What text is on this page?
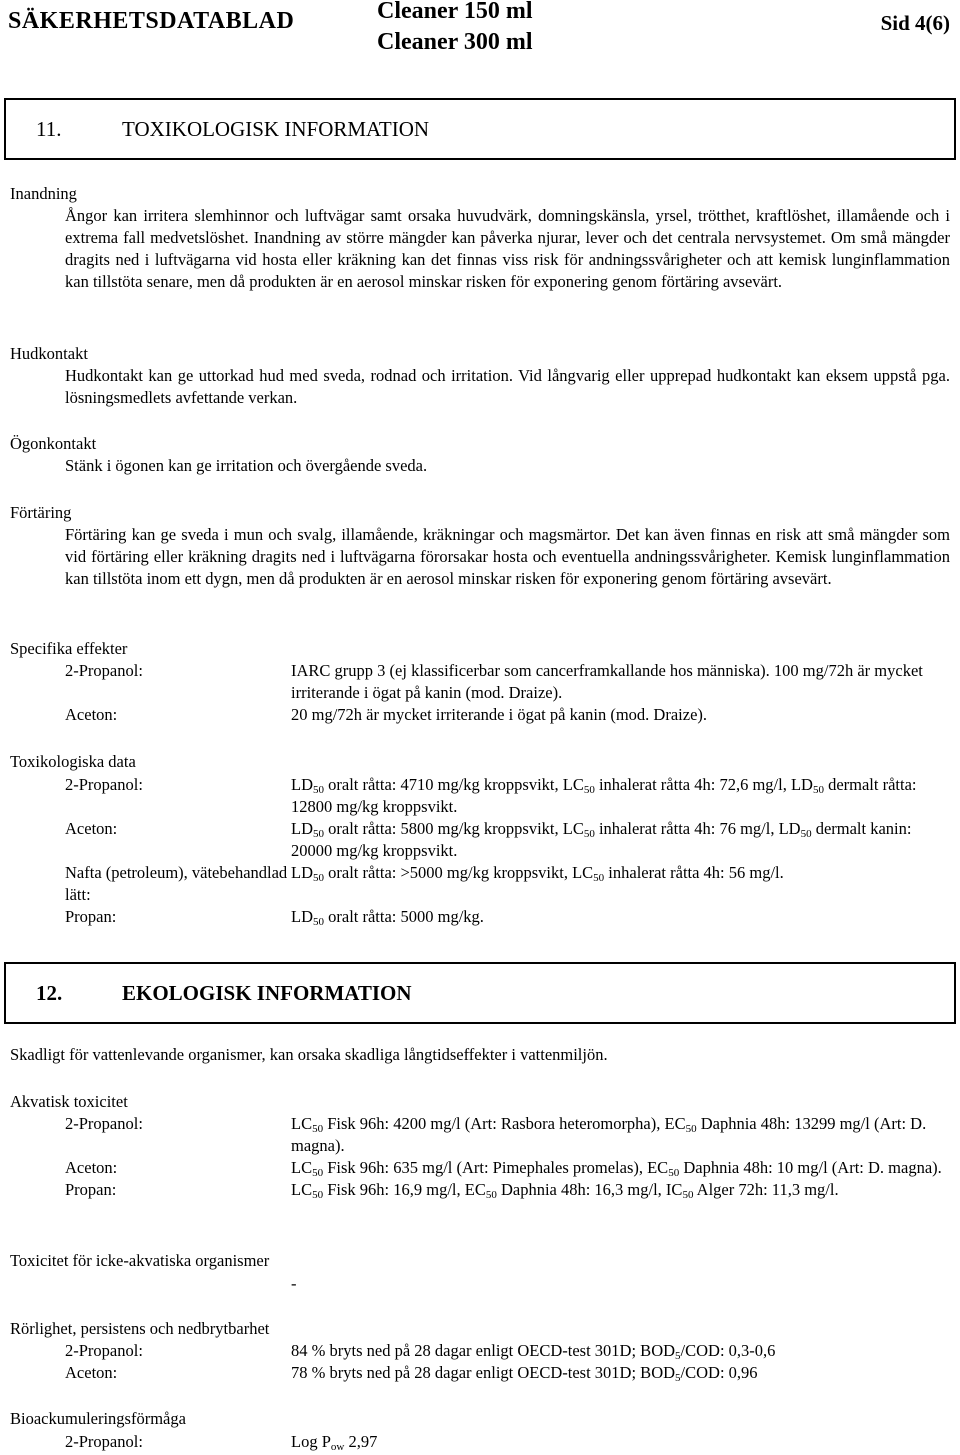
SÄKERHETSDATABLAD	Cleaner 150 ml
Cleaner 300 ml
Sid 4(6)
11.	TOXIKOLOGISK INFORMATION

Inandning

Ångor kan irritera slemhinnor och luftvägar samt orsaka huvudvärk, domningskänsla, yrsel, trötthet, kraftlöshet, illamående och i extrema fall medvetslöshet. Inandning av större mängder kan påverka njurar, lever och det centrala nervsystemet. Om små mängder dragits ned i luftvägarna vid hosta eller kräkning kan det finnas viss risk för andningssvårigheter och att kemisk lunginflammation kan tillstöta senare, men då produkten är en aerosol minskar risken för exponering genom förtäring avsevärt.

Hudkontakt

Hudkontakt kan ge uttorkad hud med sveda, rodnad och irritation. Vid långvarig eller upprepad hudkontakt kan eksem uppstå pga. lösningsmedlets avfettande verkan.

Ögonkontakt

Stänk i ögonen kan ge irritation och övergående sveda.

Förtäring

Förtäring kan ge sveda i mun och svalg, illamående, kräkningar och magsmärtor. Det kan även finnas en risk att små mängder som vid förtäring eller kräkning dragits ned i luftvägarna förorsakar hosta och eventuella andningssvårigheter. Kemisk lunginflammation kan tillstöta inom ett dygn, men då produkten är en aerosol minskar risken för exponering genom förtäring avsevärt.

Specifika effekter
2-Propanol:	IARC grupp 3 (ej klassificerbar som cancerframkallande hos människa). 100 mg/72h är mycket irriterande i ögat på kanin (mod. Draize).
Aceton:	20 mg/72h är mycket irriterande i ögat på kanin (mod. Draize).
Toxikologiska data
2-Propanol:	$LD_{50}$ oralt råtta: 4710 mg/kg kroppsvikt, $LC_{50}$ inhalerat råtta 4h: 72,6 mg/l, $LD_{50}$ dermalt råtta: 12800 mg/kg kroppsvikt.
Aceton:	$LD_{50}$ oralt råtta: 5800 mg/kg kroppsvikt, $LC_{50}$ inhalerat råtta 4h: 76 mg/l, $LD_{50}$ dermalt kanin: 20000 mg/kg kroppsvikt.
Nafta (petroleum), vätebehandlad lätt:
$LD_{50}$ oralt råtta: >5000 mg/kg kroppsvikt, $LC_{50}$ inhalerat råtta 4h: 56 mg/l.
Propan:	$LD_{50}$ oralt råtta: 5000 mg/kg.
12.	EKOLOGISK INFORMATION
Skadligt för vattenlevande organismer, kan orsaka skadliga långtidseffekter i vattenmiljön.
Akvatisk toxicitet
2-Propanol:	$LC_{50}$ Fisk 96h: 4200 mg/l (Art: Rasbora heteromorpha), $EC_{50}$ Daphnia 48h: 13299 mg/l (Art: D. magna).
Aceton:	$LC_{50}$ Fisk 96h: 635 mg/l (Art: Pimephales promelas), $EC_{50}$ Daphnia 48h: 10 mg/l (Art: D. magna).
Propan:	$LC_{50}$ Fisk 96h: 16,9 mg/l, $EC_{50}$ Daphnia 48h: 16,3 mg/l, $IC_{50}$ Alger 72h: 11,3 mg/l.
Toxicitet för icke-akvatiska organismer
-
Rörlighet, persistens och nedbrytbarhet
2-Propanol:	84 % bryts ned på 28 dagar enligt OECD-test 301D; $BOD_5$/COD: 0,3-0,6
Aceton:	78 % bryts ned på 28 dagar enligt OECD-test 301D; $BOD_5$/COD: 0,96
Bioackumuleringsförmåga
2-Propanol:	Log $P_{ow}$ 2,97
